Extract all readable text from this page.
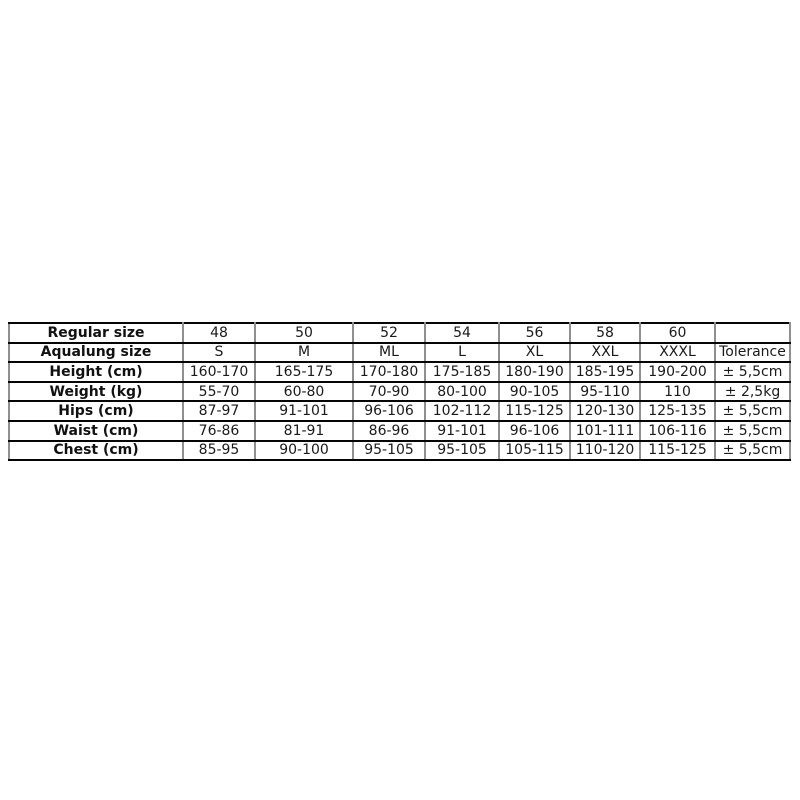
Regular size	48	50	52	54	56	58	60	
Aqualung size	S	M	ML	L	XL	XXL	XXXL	Tolerance
Height (cm)	160-170	165-175	170-180	175-185	180-190	185-195	190-200	± 5,5cm
Weight (kg)	55-70	60-80	70-90	80-100	90-105	95-110	110	± 2,5kg
Hips (cm)	87-97	91-101	96-106	102-112	115-125	120-130	125-135	± 5,5cm
Waist (cm)	76-86	81-91	86-96	91-101	96-106	101-111	106-116	± 5,5cm
Chest (cm)	85-95	90-100	95-105	95-105	105-115	110-120	115-125	± 5,5cm
